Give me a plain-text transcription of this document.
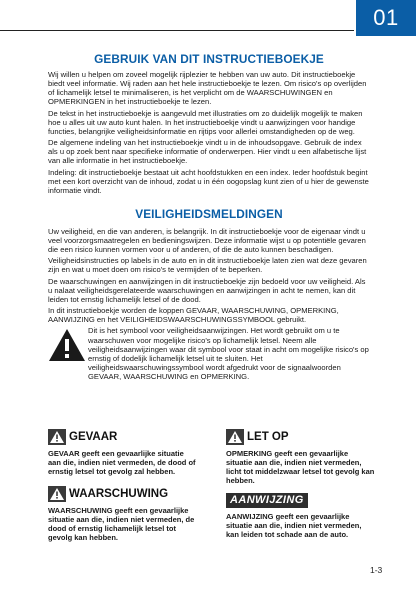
01
GEBRUIK VAN DIT INSTRUCTIEBOEKJE

Wij willen u helpen om zoveel mogelijk rijplezier te hebben van uw auto. Dit instructieboekje biedt veel informatie. Wij raden aan het hele instructieboekje te lezen. Om risico's op overlijden of lichamelijk letsel te minimaliseren, is het verplicht om de WAARSCHUWINGEN en OPMERKINGEN in het instructieboekje te lezen.

De tekst in het instructieboekje is aangevuld met illustraties om zo duidelijk mogelijk te maken hoe u alles uit uw auto kunt halen. In het instructieboekje vindt u aanwijzingen voor handige functies, belangrijke veiligheidsinformatie en rijtips voor allerlei omstandigheden op de weg.

De algemene indeling van het instructieboekje vindt u in de inhoudsopgave. Gebruik de index als u op zoek bent naar specifieke informatie of onderwerpen. Hier vindt u een alfabetische lijst van alle informatie in het instructieboekje.

Indeling: dit instructieboekje bestaat uit acht hoofdstukken en een index. Ieder hoofdstuk begint met een kort overzicht van de inhoud, zodat u in één oogopslag kunt zien of u hier de gewenste informatie vindt.

VEILIGHEIDSMELDINGEN

Uw veiligheid, en die van anderen, is belangrijk. In dit instructieboekje voor de eigenaar vindt u veel voorzorgsmaatregelen en bedieningswijzen. Deze informatie wijst u op potentiële gevaren die een risico kunnen vormen voor u of anderen, of die de auto kunnen beschadigen.

Veiligheidsinstructies op labels in de auto en in dit instructieboekje laten zien wat deze gevaren zijn en wat u moet doen om risico's te vermijden of te beperken.

De waarschuwingen en aanwijzingen in dit instructieboekje zijn bedoeld voor uw veiligheid. Als u nalaat veiligheidsgerelateerde waarschuwingen en aanwijzingen in acht te nemen, kan dit leiden tot ernstig lichamelijk letsel of de dood.

In dit instructieboekje worden de koppen GEVAAR, WAARSCHUWING, OPMERKING, AANWIJZING en het VEILIGHEIDSWAARSCHUWINGSSYMBOOL gebruikt.

Dit is het symbool voor veiligheidsaanwijzingen. Het wordt gebruikt om u te waarschuwen voor mogelijke risico's op lichamelijk letsel. Neem alle veiligheidsaanwijzingen waar dit symbool voor staat in acht om mogelijke risico's op ernstig of dodelijk lichamelijk letsel uit te sluiten. Het veiligheidswaarschuwingssymbool wordt afgedrukt voor de signaalwoorden GEVAAR, WAARSCHUWING en OPMERKING.

GEVAAR
GEVAAR geeft een gevaarlijke situatie aan die, indien niet vermeden, de dood of ernstig letsel tot gevolg zal hebben.
LET OP
OPMERKING geeft een gevaarlijke situatie aan die, indien niet vermeden, licht tot middelzwaar letsel tot gevolg kan hebben.
WAARSCHUWING
WAARSCHUWING geeft een gevaarlijke situatie aan die, indien niet vermeden, de dood of ernstig lichamelijk letsel tot gevolg kan hebben.
AANWIJZING
AANWIJZING geeft een gevaarlijke situatie aan die, indien niet vermeden, kan leiden tot schade aan de auto.
1-3
